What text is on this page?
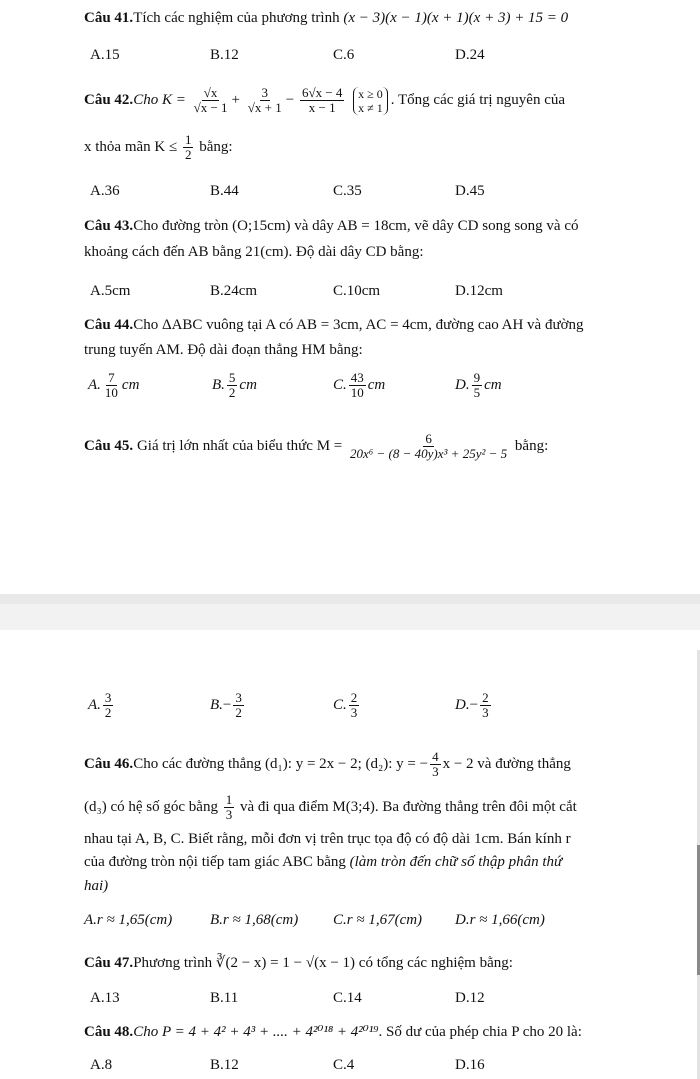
Câu 41.Tích các nghiệm của phương trình (x − 3)(x − 1)(x + 1)(x + 3) + 15 = 0
A.15	B.12	C.6	D.24
Câu 42.Cho $K = \frac{√x}{√x - 1} + \frac{3}{√x + 1} - \frac{6√x - 4}{x - 1}$
x ≥ 0
x ≠ 1 . Tổng các giá trị nguyên của
x thỏa mãn $K \le \frac{1}{2}$ bằng:
A.36	B.44	C.35	D.45
Câu 43.Cho đường tròn (O;15cm) và dây AB = 18cm, vẽ dây CD song song và có
khoảng cách đến AB bằng 21(cm). Độ dài dây CD bằng:
A.5cm	B.24cm	C.10cm	D.12cm
Câu 44.Cho ΔABC vuông tại A có AB = 3cm, AC = 4cm, đường cao AH và đường
trung tuyến AM. Độ dài đoạn thẳng HM bằng:
A. $\frac{7}{10}$ cm	B. $\frac{5}{2}$ cm	C. $\frac{43}{10}$ cm	D. $\frac{9}{5}$ cm
Câu 45. Giá trị lớn nhất của biểu thức $M = \frac{6}{\text{20x⁶ − (8 − 40y)x³ + 25y² − 5}}$ bằng:
A. $\frac{3}{2}$	$B.- \frac{3}{2}$	C. $\frac{2}{3}$	$D.- \frac{2}{3}$
Câu 46.Cho các đường thẳng (d₁): y = 2x − 2; (d₂): y = − $\frac{4}{3}$ x − 2 và đường thẳng
(d₃) có hệ số góc bằng $\frac{1}{3}$ và đi qua điểm M(3;4). Ba đường thẳng trên đôi một cắt
nhau tại A, B, C. Biết rằng, mỗi đơn vị trên trục tọa độ có độ dài 1cm. Bán kính r
của đường tròn nội tiếp tam giác ABC bằng (làm tròn đến chữ số thập phân thứ
hai)
A.r ≈ 1,65(cm)	B.r ≈ 1,68(cm) C.r ≈ 1,67(cm) D.r ≈ 1,66(cm)
Câu 47.Phương trình ∛(2 − x) = 1 − √(x − 1) có tổng các nghiệm bằng:
A.13	B.11	C.14	D.12
Câu 48.Cho P = 4 + 4² + 4³ + .... + 4²⁰¹⁸ + 4²⁰¹⁹. Số dư của phép chia P cho 20 là:
A.8	B.12	C.4	D.16
